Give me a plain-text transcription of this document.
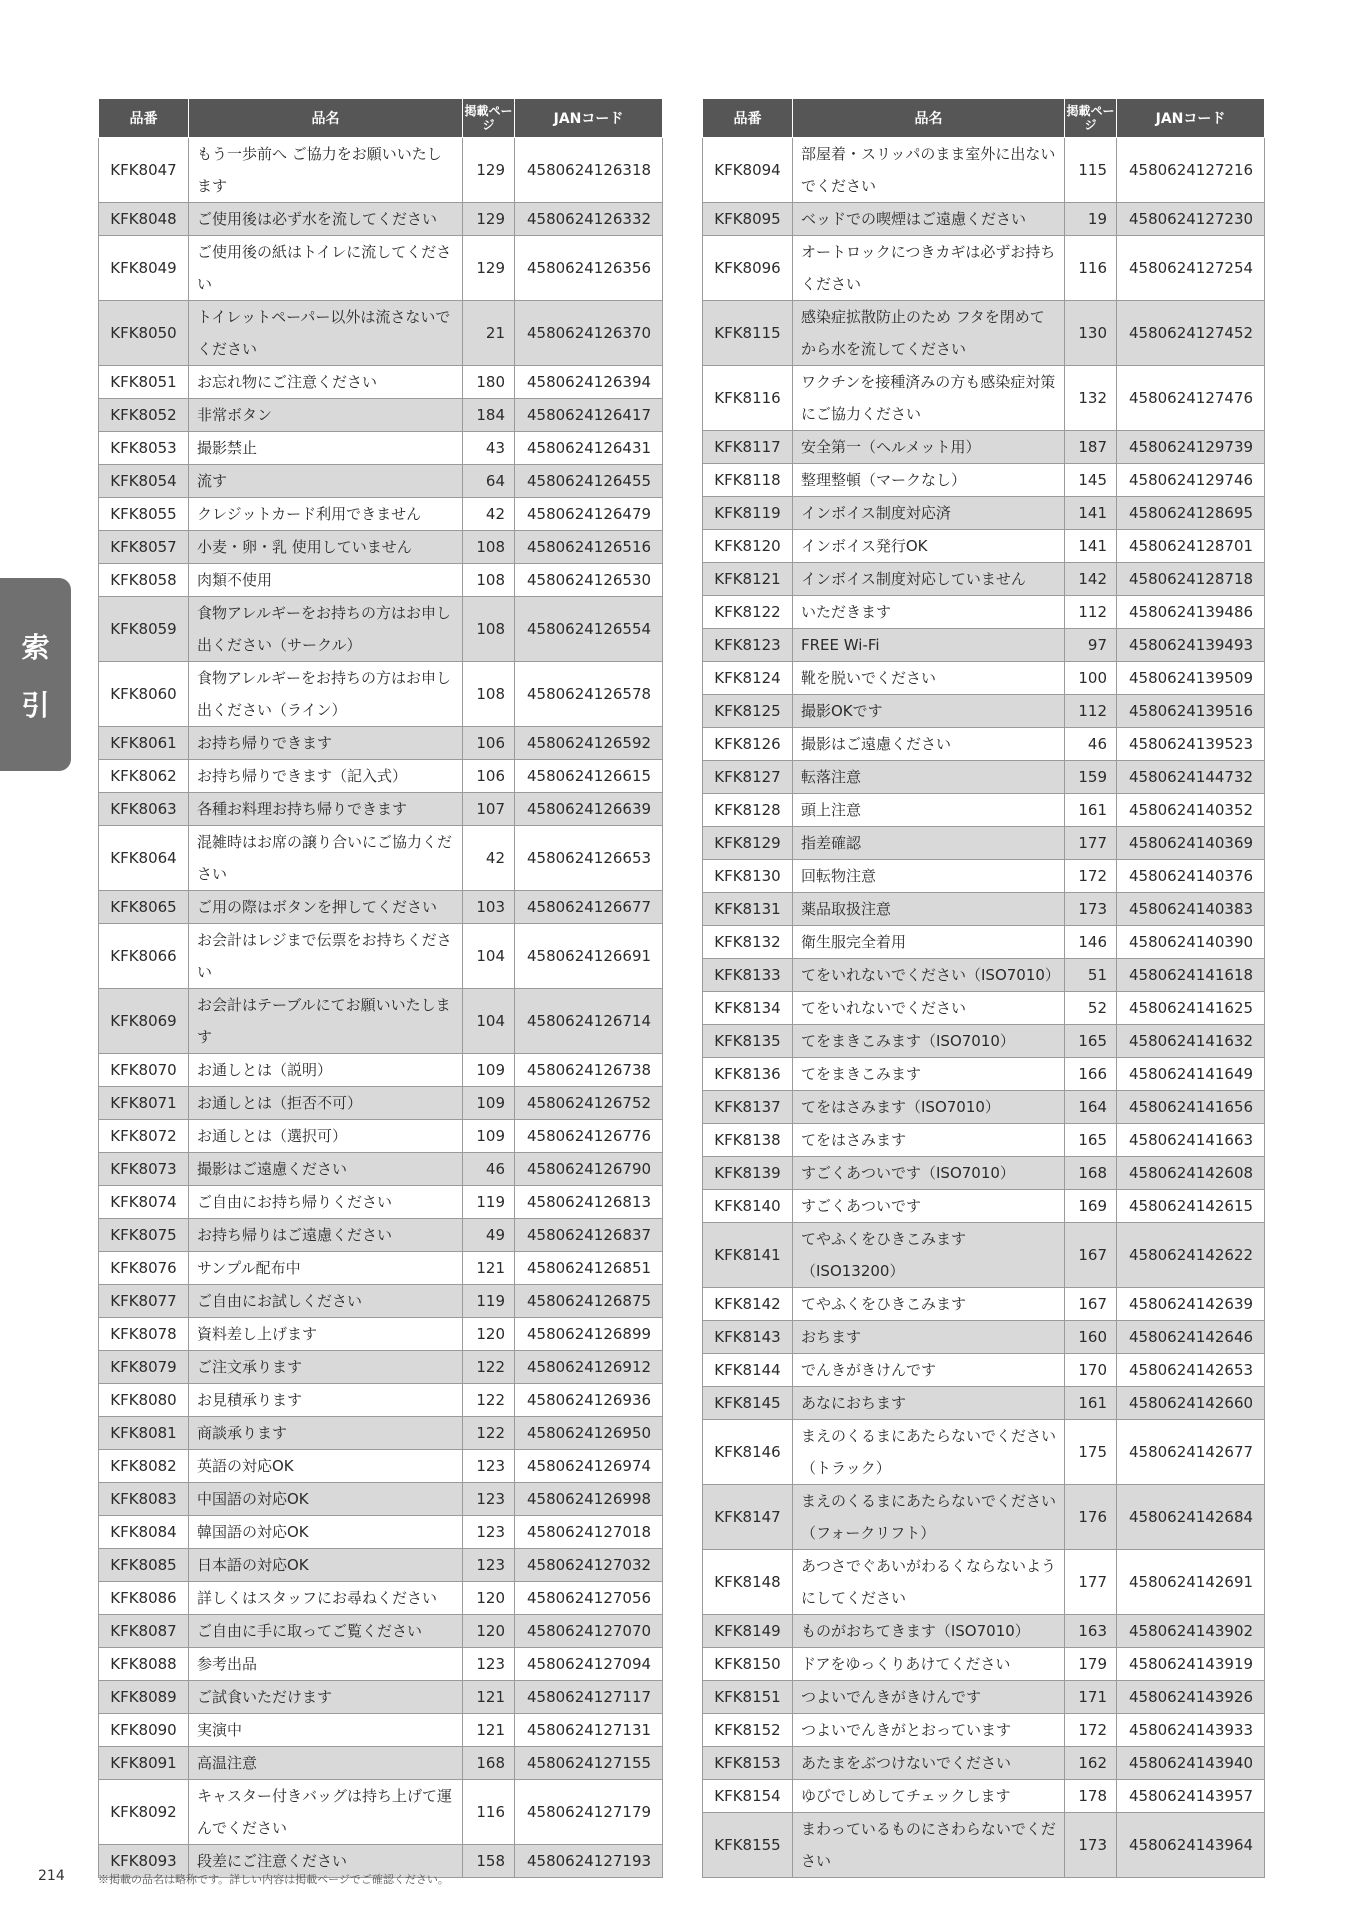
索
引
品番	品名	掲載ページ	JANコード
KFK8047	もう一歩前へ ご協力をお願いいたします	129	4580624126318
KFK8048	ご使用後は必ず水を流してください	129	4580624126332
KFK8049	ご使用後の紙はトイレに流してください	129	4580624126356
KFK8050	トイレットペーパー以外は流さないでください	21	4580624126370
KFK8051	お忘れ物にご注意ください	180	4580624126394
KFK8052	非常ボタン	184	4580624126417
KFK8053	撮影禁止	43	4580624126431
KFK8054	流す	64	4580624126455
KFK8055	クレジットカード利用できません	42	4580624126479
KFK8057	小麦・卵・乳 使用していません	108	4580624126516
KFK8058	肉類不使用	108	4580624126530
KFK8059	食物アレルギーをお持ちの方はお申し出ください（サークル）	108	4580624126554
KFK8060	食物アレルギーをお持ちの方はお申し出ください（ライン）	108	4580624126578
KFK8061	お持ち帰りできます	106	4580624126592
KFK8062	お持ち帰りできます（記入式）	106	4580624126615
KFK8063	各種お料理お持ち帰りできます	107	4580624126639
KFK8064	混雑時はお席の譲り合いにご協力ください	42	4580624126653
KFK8065	ご用の際はボタンを押してください	103	4580624126677
KFK8066	お会計はレジまで伝票をお持ちください	104	4580624126691
KFK8069	お会計はテーブルにてお願いいたします	104	4580624126714
KFK8070	お通しとは（説明）	109	4580624126738
KFK8071	お通しとは（拒否不可）	109	4580624126752
KFK8072	お通しとは（選択可）	109	4580624126776
KFK8073	撮影はご遠慮ください	46	4580624126790
KFK8074	ご自由にお持ち帰りください	119	4580624126813
KFK8075	お持ち帰りはご遠慮ください	49	4580624126837
KFK8076	サンプル配布中	121	4580624126851
KFK8077	ご自由にお試しください	119	4580624126875
KFK8078	資料差し上げます	120	4580624126899
KFK8079	ご注文承ります	122	4580624126912
KFK8080	お見積承ります	122	4580624126936
KFK8081	商談承ります	122	4580624126950
KFK8082	英語の対応OK	123	4580624126974
KFK8083	中国語の対応OK	123	4580624126998
KFK8084	韓国語の対応OK	123	4580624127018
KFK8085	日本語の対応OK	123	4580624127032
KFK8086	詳しくはスタッフにお尋ねください	120	4580624127056
KFK8087	ご自由に手に取ってご覧ください	120	4580624127070
KFK8088	参考出品	123	4580624127094
KFK8089	ご試食いただけます	121	4580624127117
KFK8090	実演中	121	4580624127131
KFK8091	高温注意	168	4580624127155
KFK8092	キャスター付きバッグは持ち上げて運んでください	116	4580624127179
KFK8093	段差にご注意ください	158	4580624127193
品番	品名	掲載ページ	JANコード
KFK8094	部屋着・スリッパのまま室外に出ないでください	115	4580624127216
KFK8095	ベッドでの喫煙はご遠慮ください	19	4580624127230
KFK8096	オートロックにつきカギは必ずお持ちください	116	4580624127254
KFK8115	感染症拡散防止のため フタを閉めてから水を流してください	130	4580624127452
KFK8116	ワクチンを接種済みの方も感染症対策にご協力ください	132	4580624127476
KFK8117	安全第一（ヘルメット用）	187	4580624129739
KFK8118	整理整頓（マークなし）	145	4580624129746
KFK8119	インボイス制度対応済	141	4580624128695
KFK8120	インボイス発行OK	141	4580624128701
KFK8121	インボイス制度対応していません	142	4580624128718
KFK8122	いただきます	112	4580624139486
KFK8123	FREE Wi-Fi	97	4580624139493
KFK8124	靴を脱いでください	100	4580624139509
KFK8125	撮影OKです	112	4580624139516
KFK8126	撮影はご遠慮ください	46	4580624139523
KFK8127	転落注意	159	4580624144732
KFK8128	頭上注意	161	4580624140352
KFK8129	指差確認	177	4580624140369
KFK8130	回転物注意	172	4580624140376
KFK8131	薬品取扱注意	173	4580624140383
KFK8132	衛生服完全着用	146	4580624140390
KFK8133	てをいれないでください（ISO7010）	51	4580624141618
KFK8134	てをいれないでください	52	4580624141625
KFK8135	てをまきこみます（ISO7010）	165	4580624141632
KFK8136	てをまきこみます	166	4580624141649
KFK8137	てをはさみます（ISO7010）	164	4580624141656
KFK8138	てをはさみます	165	4580624141663
KFK8139	すごくあついです（ISO7010）	168	4580624142608
KFK8140	すごくあついです	169	4580624142615
KFK8141	てやふくをひきこみます（ISO13200）	167	4580624142622
KFK8142	てやふくをひきこみます	167	4580624142639
KFK8143	おちます	160	4580624142646
KFK8144	でんきがきけんです	170	4580624142653
KFK8145	あなにおちます	161	4580624142660
KFK8146	まえのくるまにあたらないでください（トラック）	175	4580624142677
KFK8147	まえのくるまにあたらないでください（フォークリフト）	176	4580624142684
KFK8148	あつさでぐあいがわるくならないようにしてください	177	4580624142691
KFK8149	ものがおちてきます（ISO7010）	163	4580624143902
KFK8150	ドアをゆっくりあけてください	179	4580624143919
KFK8151	つよいでんきがきけんです	171	4580624143926
KFK8152	つよいでんきがとおっています	172	4580624143933
KFK8153	あたまをぶつけないでください	162	4580624143940
KFK8154	ゆびでしめしてチェックします	178	4580624143957
KFK8155	まわっているものにさわらないでください	173	4580624143964
214	※掲載の品名は略称です。詳しい内容は掲載ページでご確認ください。
